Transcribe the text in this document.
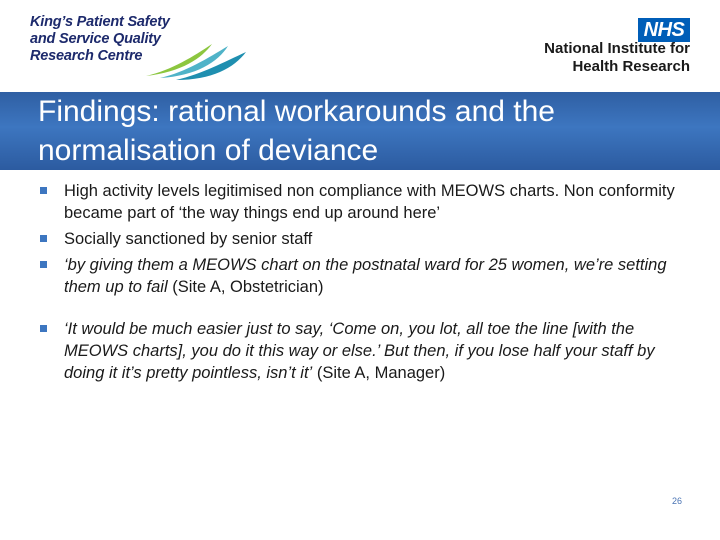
King’s Patient Safety
and Service Quality
Research Centre
NHS
National Institute for
Health Research
Findings: rational workarounds and the normalisation of deviance
High activity levels legitimised non compliance with MEOWS charts. Non conformity became part of ‘the way things end up around here’
Socially sanctioned by senior staff
‘by giving them a MEOWS chart on the postnatal ward for 25 women, we’re setting them up to fail (Site A, Obstetrician)
‘It would be much easier just to say, ‘Come on, you lot, all toe the line [with the MEOWS charts], you do it this way or else.’ But then, if you lose half your staff by doing it it’s pretty pointless, isn’t it’ (Site A, Manager)
26
